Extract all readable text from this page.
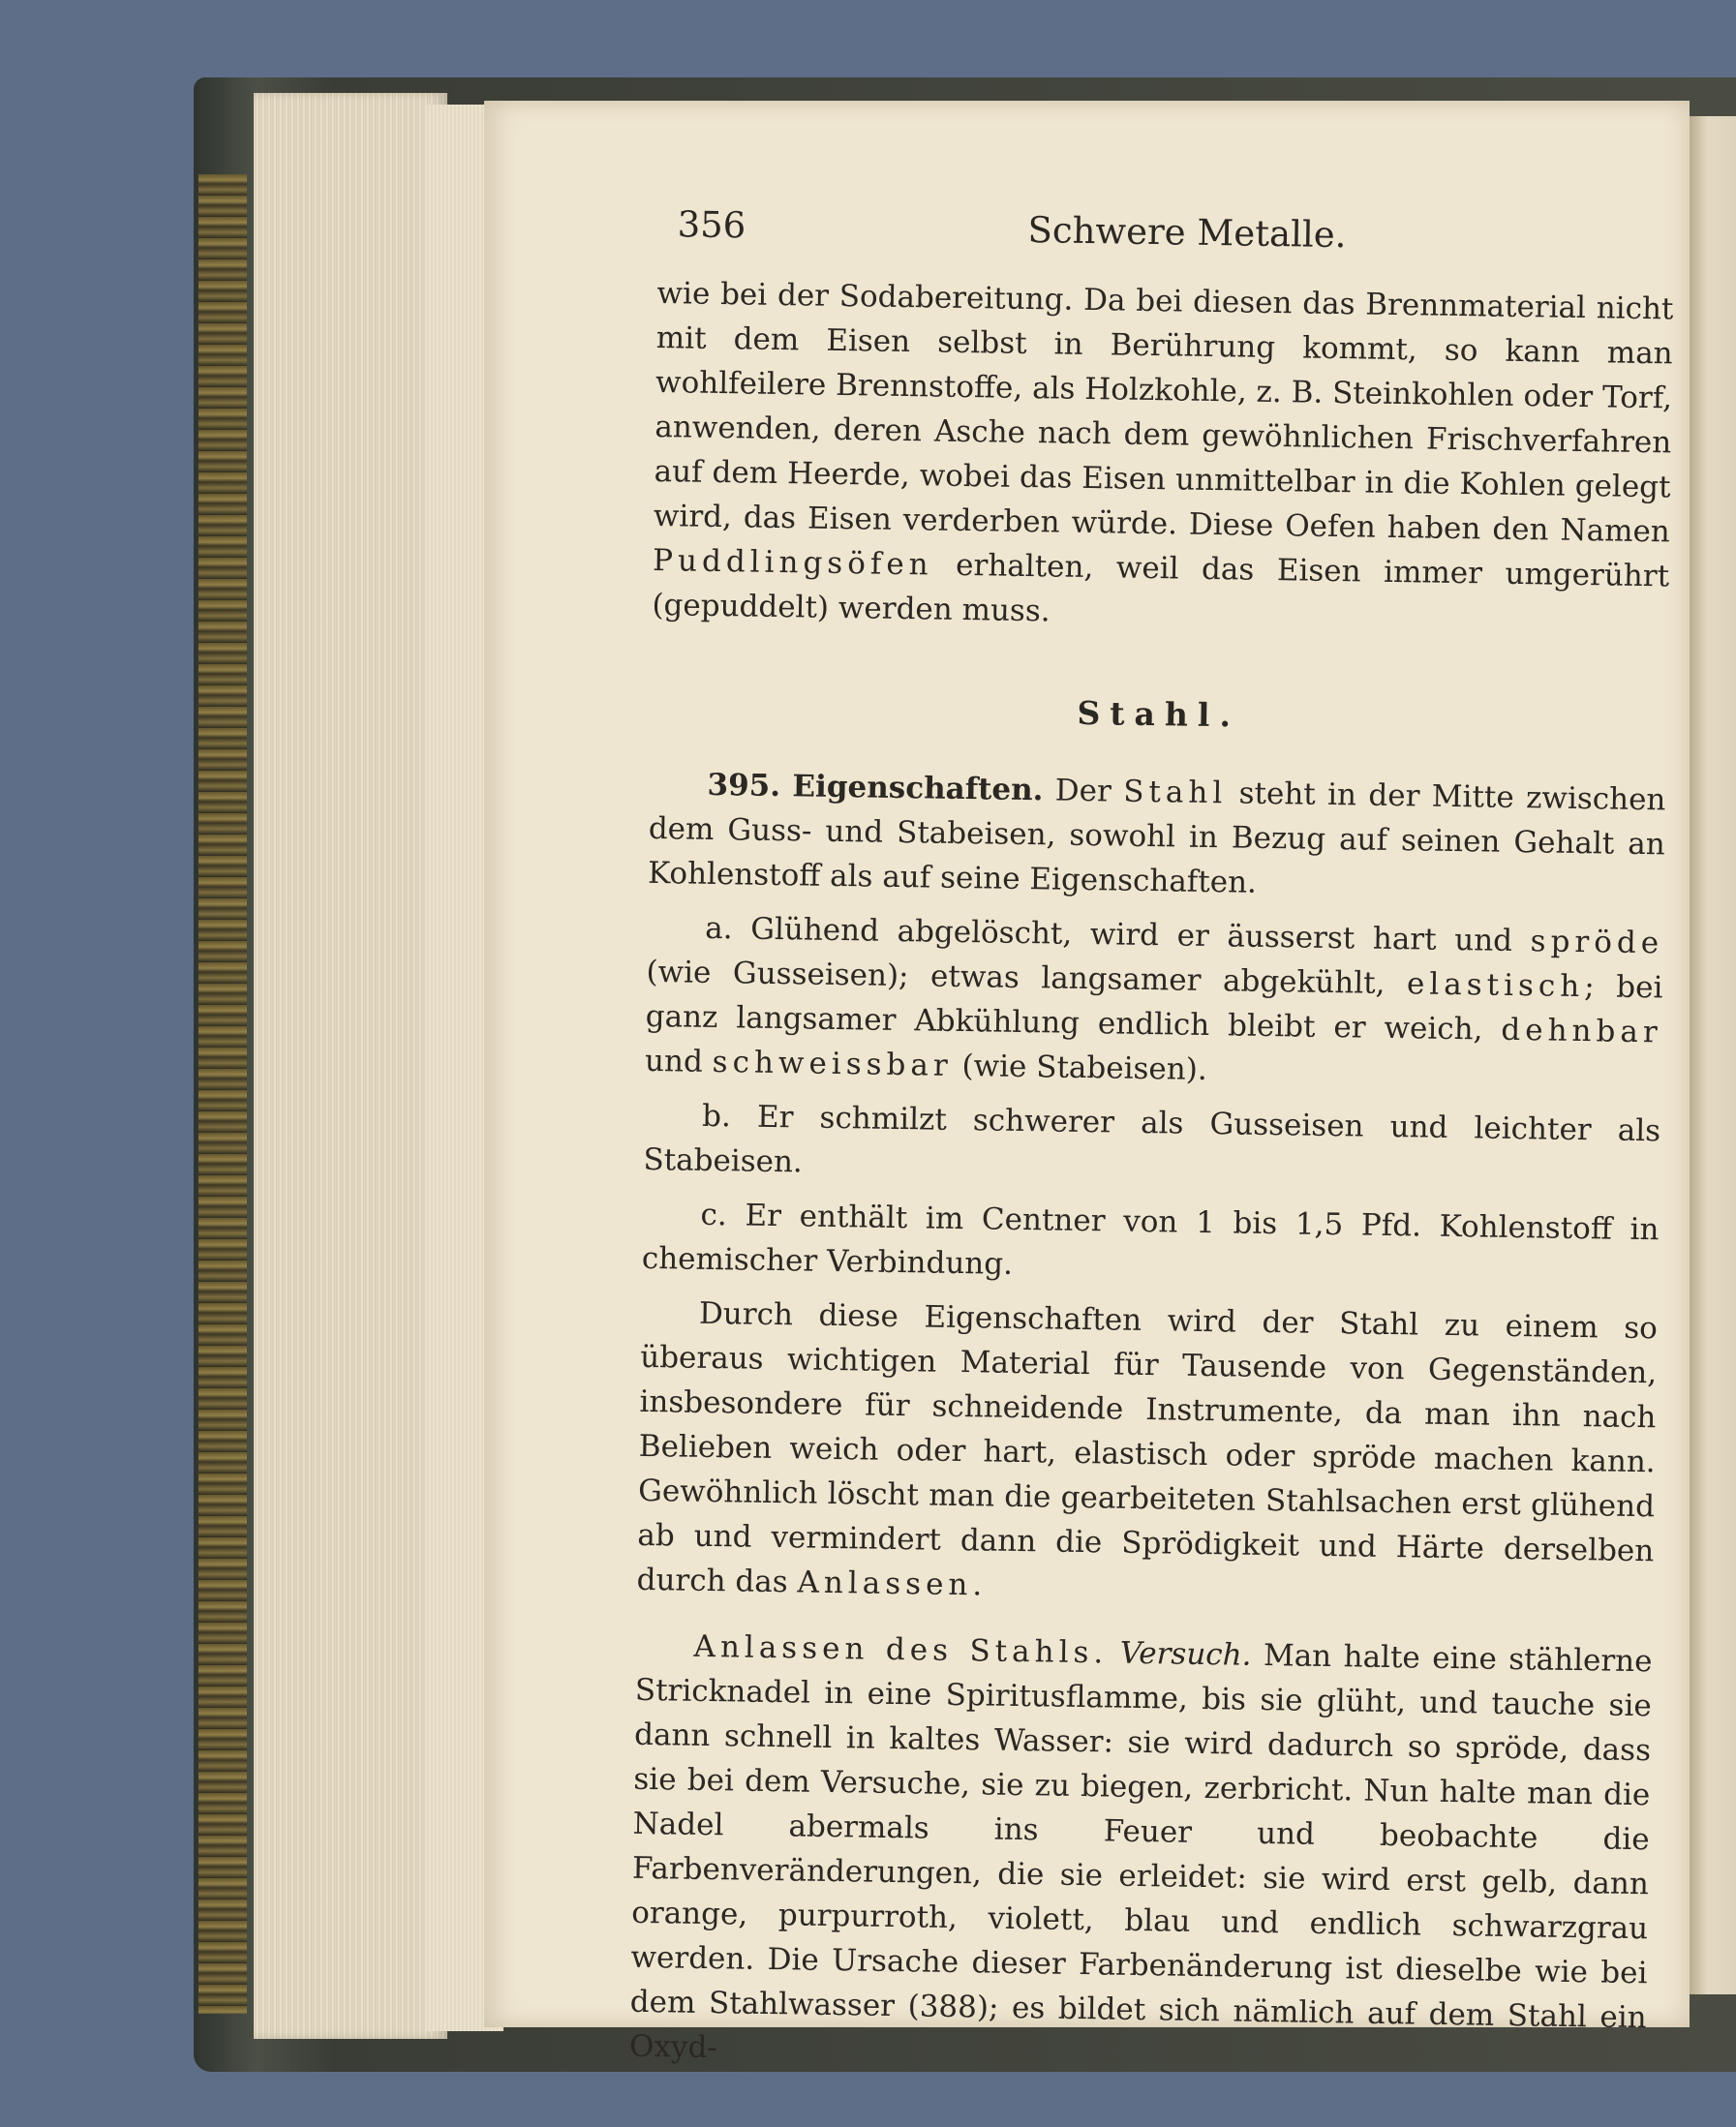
356	Schwere Metalle.

wie bei der Sodabereitung. Da bei diesen das Brennmaterial nicht mit dem Eisen selbst in Berührung kommt, so kann man wohlfeilere Brennstoffe, als Holzkohle, z. B. Steinkohlen oder Torf, anwenden, deren Asche nach dem gewöhnlichen Frischverfahren auf dem Heerde, wobei das Eisen unmittelbar in die Kohlen gelegt wird, das Eisen verderben würde. Diese Oefen haben den Namen Puddlingsöfen erhalten, weil das Eisen immer umgerührt (gepuddelt) werden muss.

Stahl.

395. Eigenschaften. Der Stahl steht in der Mitte zwischen dem Guss- und Stabeisen, sowohl in Bezug auf seinen Gehalt an Kohlenstoff als auf seine Eigenschaften.

a. Glühend abgelöscht, wird er äusserst hart und spröde (wie Gusseisen); etwas langsamer abgekühlt, elastisch; bei ganz langsamer Abkühlung endlich bleibt er weich, dehnbar und schweissbar (wie Stabeisen).

b. Er schmilzt schwerer als Gusseisen und leichter als Stabeisen.

c. Er enthält im Centner von 1 bis 1,5 Pfd. Kohlenstoff in chemischer Verbindung.

Durch diese Eigenschaften wird der Stahl zu einem so überaus wichtigen Material für Tausende von Gegenständen, insbesondere für schneidende Instrumente, da man ihn nach Belieben weich oder hart, elastisch oder spröde machen kann. Gewöhnlich löscht man die gearbeiteten Stahlsachen erst glühend ab und vermindert dann die Sprödigkeit und Härte derselben durch das Anlassen.

Anlassen des Stahls. Versuch. Man halte eine stählerne Stricknadel in eine Spiritusflamme, bis sie glüht, und tauche sie dann schnell in kaltes Wasser: sie wird dadurch so spröde, dass sie bei dem Versuche, sie zu biegen, zerbricht. Nun halte man die Nadel abermals ins Feuer und beobachte die Farbenveränderungen, die sie erleidet: sie wird erst gelb, dann orange, purpurroth, violett, blau und endlich schwarzgrau werden. Die Ursache dieser Farbenänderung ist dieselbe wie bei dem Stahlwasser (388); es bildet sich nämlich auf dem Stahl ein Oxyd-
